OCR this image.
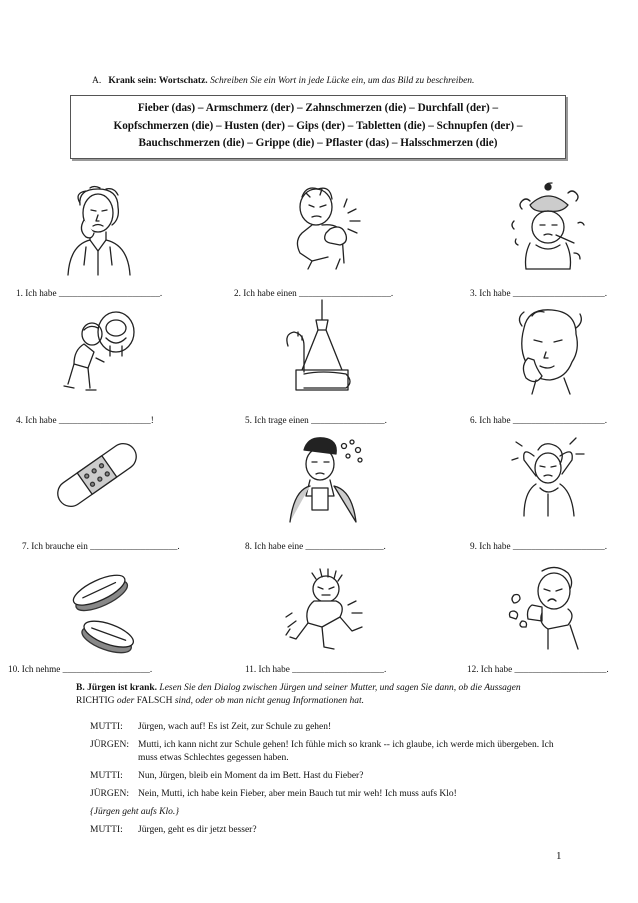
A. Krank sein: Wortschatz. Schreiben Sie ein Wort in jede Lücke ein, um das Bild zu beschreiben.
Fieber (das) – Armschmerz (der) – Zahnschmerzen (die) – Durchfall (der) –
Kopfschmerzen (die) – Husten (der) – Gips (der) – Tabletten (die) – Schnupfen (der) –
Bauchschmerzen (die) – Grippe (die) – Pflaster (das) – Halsschmerzen (die)
1. Ich habe ______________________.	2. Ich habe einen ____________________.	3. Ich habe ____________________.
4. Ich habe ____________________!	5. Ich trage einen ________________.	6. Ich habe ____________________.
7. Ich brauche ein ___________________.	8. Ich habe eine _________________.	9. Ich habe ____________________.
10. Ich nehme ___________________.	11. Ich habe ____________________.	12. Ich habe ____________________.
B. Jürgen ist krank. Lesen Sie den Dialog zwischen Jürgen und seiner Mutter, und sagen Sie dann, ob die Aussagen RICHTIG oder FALSCH sind, oder ob man nicht genug Informationen hat.
MUTTI:	Jürgen, wach auf! Es ist Zeit, zur Schule zu gehen!
JÜRGEN: Mutti, ich kann nicht zur Schule gehen! Ich fühle mich so krank -- ich glaube, ich werde mich übergeben. Ich muss etwas Schlechtes gegessen haben.
MUTTI:	Nun, Jürgen, bleib ein Moment da im Bett. Hast du Fieber?
JÜRGEN: Nein, Mutti, ich habe kein Fieber, aber mein Bauch tut mir weh! Ich muss aufs Klo!
{Jürgen geht aufs Klo.}
MUTTI:	Jürgen, geht es dir jetzt besser?
1
